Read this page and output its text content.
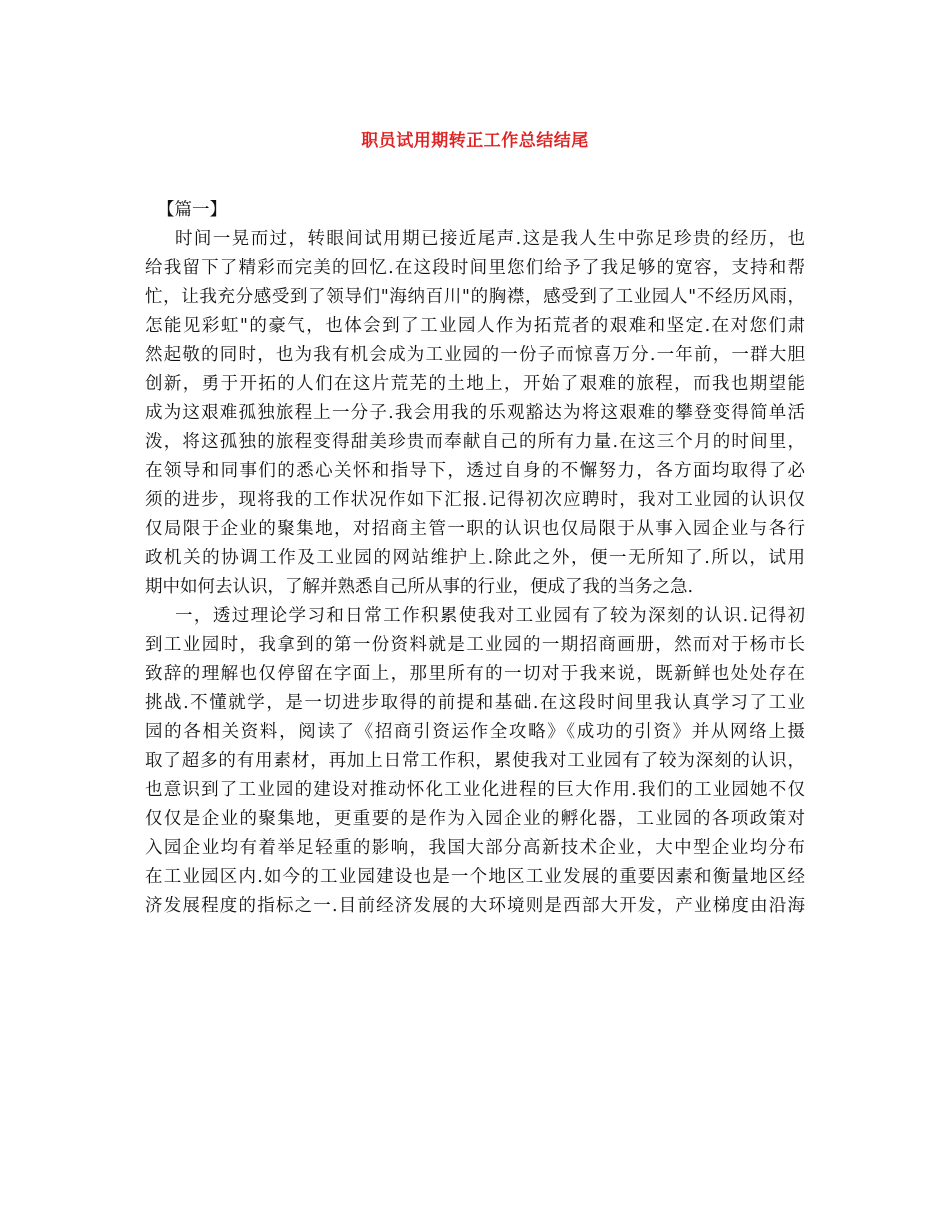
职员试用期转正工作总结结尾
【篇一】
时间一晃而过，转眼间试用期已接近尾声.这是我人生中弥足珍贵的经历，也
给我留下了精彩而完美的回忆.在这段时间里您们给予了我足够的宽容，支持和帮
忙，让我充分感受到了领导们"海纳百川"的胸襟，感受到了工业园人"不经历风雨，
怎能见彩虹"的豪气，也体会到了工业园人作为拓荒者的艰难和坚定.在对您们肃
然起敬的同时，也为我有机会成为工业园的一份子而惊喜万分.一年前，一群大胆
创新，勇于开拓的人们在这片荒芜的土地上，开始了艰难的旅程，而我也期望能
成为这艰难孤独旅程上一分子.我会用我的乐观豁达为将这艰难的攀登变得简单活
泼，将这孤独的旅程变得甜美珍贵而奉献自己的所有力量.在这三个月的时间里，
在领导和同事们的悉心关怀和指导下，透过自身的不懈努力，各方面均取得了必
须的进步，现将我的工作状况作如下汇报.记得初次应聘时，我对工业园的认识仅
仅局限于企业的聚集地，对招商主管一职的认识也仅局限于从事入园企业与各行
政机关的协调工作及工业园的网站维护上.除此之外，便一无所知了.所以，试用
期中如何去认识，了解并熟悉自己所从事的行业，便成了我的当务之急.
一，透过理论学习和日常工作积累使我对工业园有了较为深刻的认识.记得初
到工业园时，我拿到的第一份资料就是工业园的一期招商画册，然而对于杨市长
致辞的理解也仅停留在字面上，那里所有的一切对于我来说，既新鲜也处处存在
挑战.不懂就学，是一切进步取得的前提和基础.在这段时间里我认真学习了工业
园的各相关资料，阅读了《招商引资运作全攻略》《成功的引资》并从网络上摄
取了超多的有用素材，再加上日常工作积，累使我对工业园有了较为深刻的认识，
也意识到了工业园的建设对推动怀化工业化进程的巨大作用.我们的工业园她不仅
仅仅是企业的聚集地，更重要的是作为入园企业的孵化器，工业园的各项政策对
入园企业均有着举足轻重的影响，我国大部分高新技术企业，大中型企业均分布
在工业园区内.如今的工业园建设也是一个地区工业发展的重要因素和衡量地区经
济发展程度的指标之一.目前经济发展的大环境则是西部大开发，产业梯度由沿海
